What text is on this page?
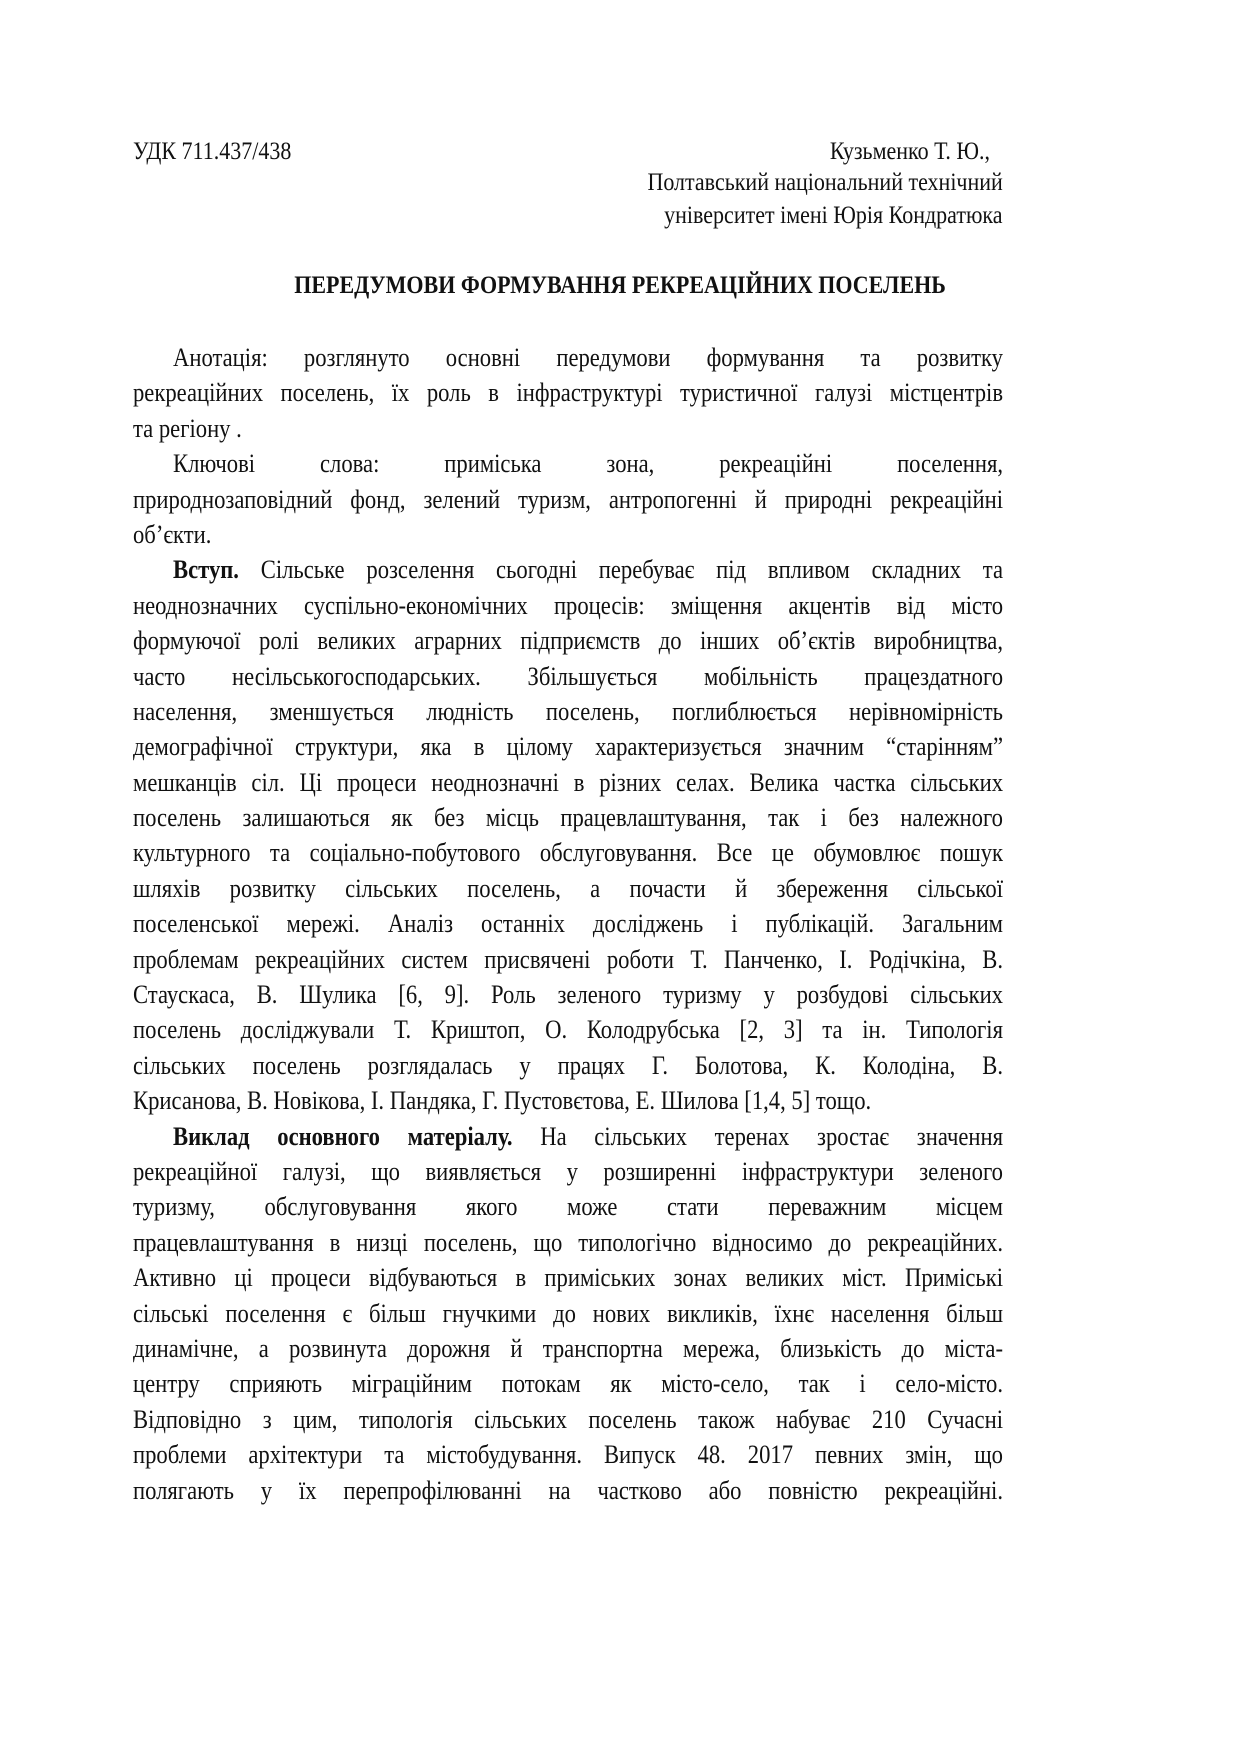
УДК 711.437/438	Кузьменко Т. Ю.,
Полтавський національний технічний
університет імені Юрія Кондратюка
ПЕРЕДУМОВИ ФОРМУВАННЯ РЕКРЕАЦІЙНИХ ПОСЕЛЕНЬ
Анотація: розглянуто основні передумови формування та розвитку
рекреаційних поселень, їх роль в інфраструктурі туристичної галузі містцентрів
та регіону .
Ключові слова: приміська зона, рекреаційні поселення,
природнозаповідний фонд, зелений туризм, антропогенні й природні рекреаційні
об’єкти.
Вступ. Сільське розселення сьогодні перебуває під впливом складних та
неоднозначних суспільно-економічних процесів: зміщення акцентів від місто
формуючої ролі великих аграрних підприємств до інших об’єктів виробництва,
часто несільськогосподарських. Збільшується мобільність працездатного
населення, зменшується людність поселень, поглиблюється нерівномірність
демографічної структури, яка в цілому характеризується значним “старінням”
мешканців сіл. Ці процеси неоднозначні в різних селах. Велика частка сільських
поселень залишаються як без місць працевлаштування, так і без належного
культурного та соціально-побутового обслуговування. Все це обумовлює пошук
шляхів розвитку сільських поселень, а почасти й збереження сільської
поселенської мережі. Аналіз останніх досліджень і публікацій. Загальним
проблемам рекреаційних систем присвячені роботи Т. Панченко, І. Родічкіна, В.
Стаускаса, В. Шулика [6, 9]. Роль зеленого туризму у розбудові сільських
поселень досліджували Т. Криштоп, О. Колодрубська [2, 3] та ін. Типологія
сільських поселень розглядалась у працях Г. Болотова, К. Колодіна, В.
Крисанова, В. Новікова, І. Пандяка, Г. Пустовєтова, Е. Шилова [1,4, 5] тощо.
Виклад основного матеріалу. На сільських теренах зростає значення
рекреаційної галузі, що виявляється у розширенні інфраструктури зеленого
туризму, обслуговування якого може стати переважним місцем
працевлаштування в низці поселень, що типологічно відносимо до рекреаційних.
Активно ці процеси відбуваються в приміських зонах великих міст. Приміські
сільські поселення є більш гнучкими до нових викликів, їхнє населення більш
динамічне, а розвинута дорожня й транспортна мережа, близькість до міста-
центру сприяють міграційним потокам як місто-село, так і село-місто.
Відповідно з цим, типологія сільських поселень також набуває 210 Сучасні
проблеми архітектури та містобудування. Випуск 48. 2017 певних змін, що
полягають у їх перепрофілюванні на частково або повністю рекреаційні.
